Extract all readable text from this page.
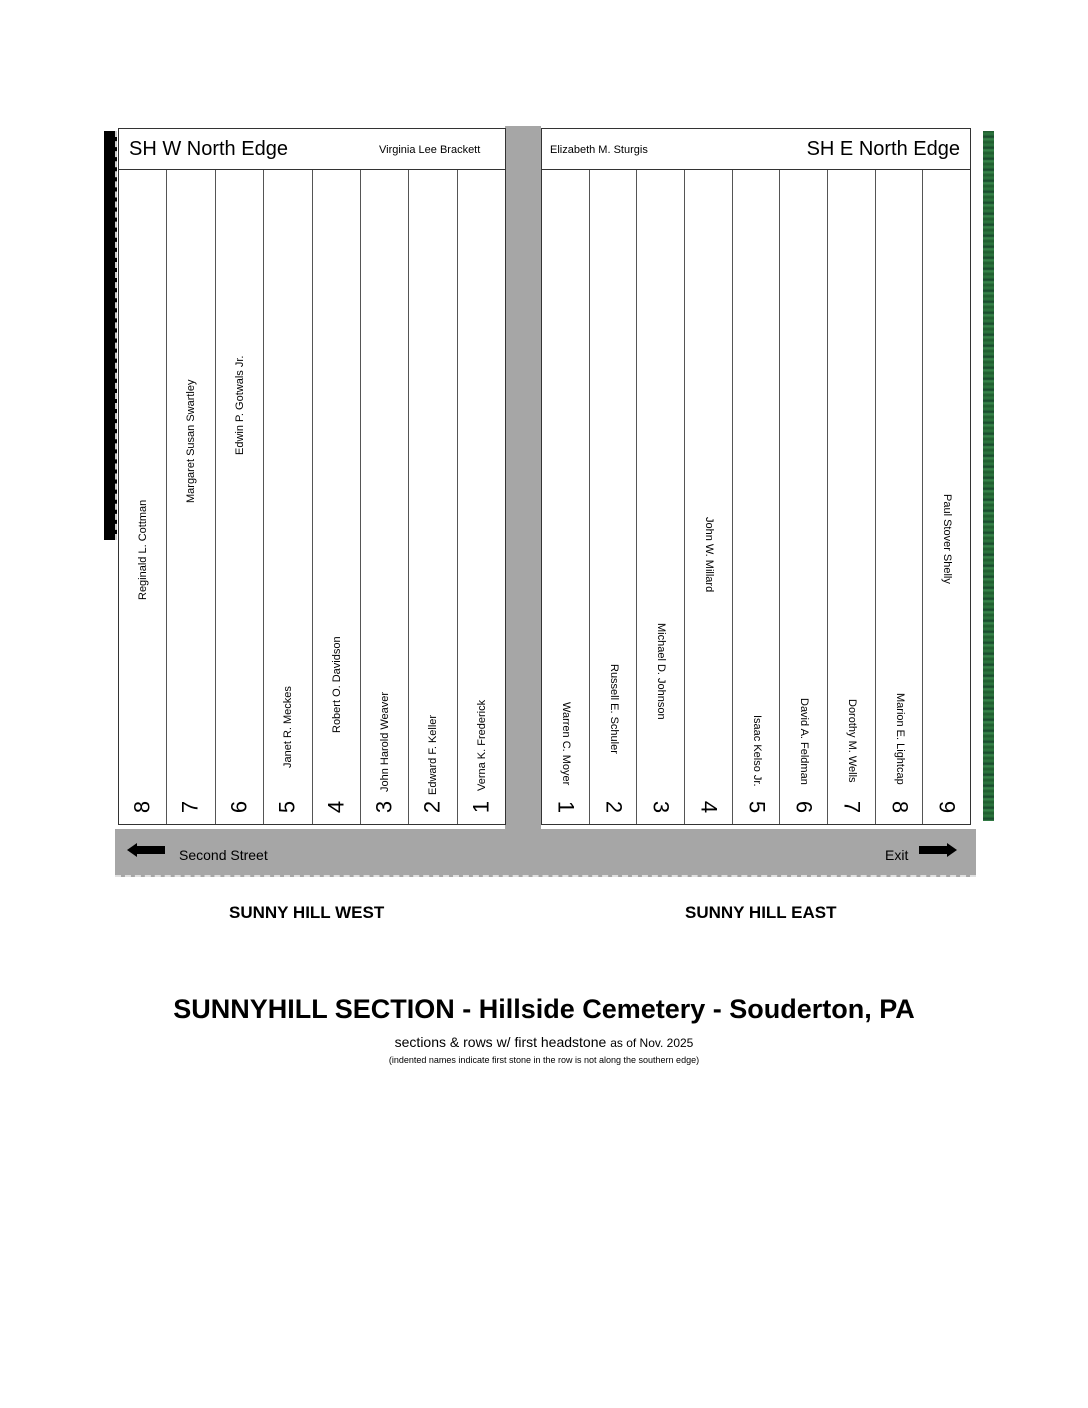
SH W North Edge	Virginia Lee Brackett
8
Reginald L. Cottman
7
Margaret Susan Swartley
6
Edwin P. Gotwals Jr.
5
Janet R. Meckes
4
Robert O. Davidson
3
John Harold Weaver
2
Edward F. Keller
1
Verna K. Frederick
Elizabeth M. Sturgis	SH E North Edge
1
Warren C. Moyer
2
Russell E. Schuler
3
Michael D. Johnson
4
John W. Millard
5
Isaac Kelso Jr.
6
David A. Feldman
7
Dorothy M. Wells
8
Marion E. Lightcap
9
Paul Stover Shelly
Second Street	Exit
SUNNY HILL WEST	SUNNY HILL EAST
SUNNYHILL SECTION - Hillside Cemetery - Souderton, PA
sections & rows w/ first headstone as of Nov. 2025
(indented names indicate first stone in the row is not along the southern edge)
